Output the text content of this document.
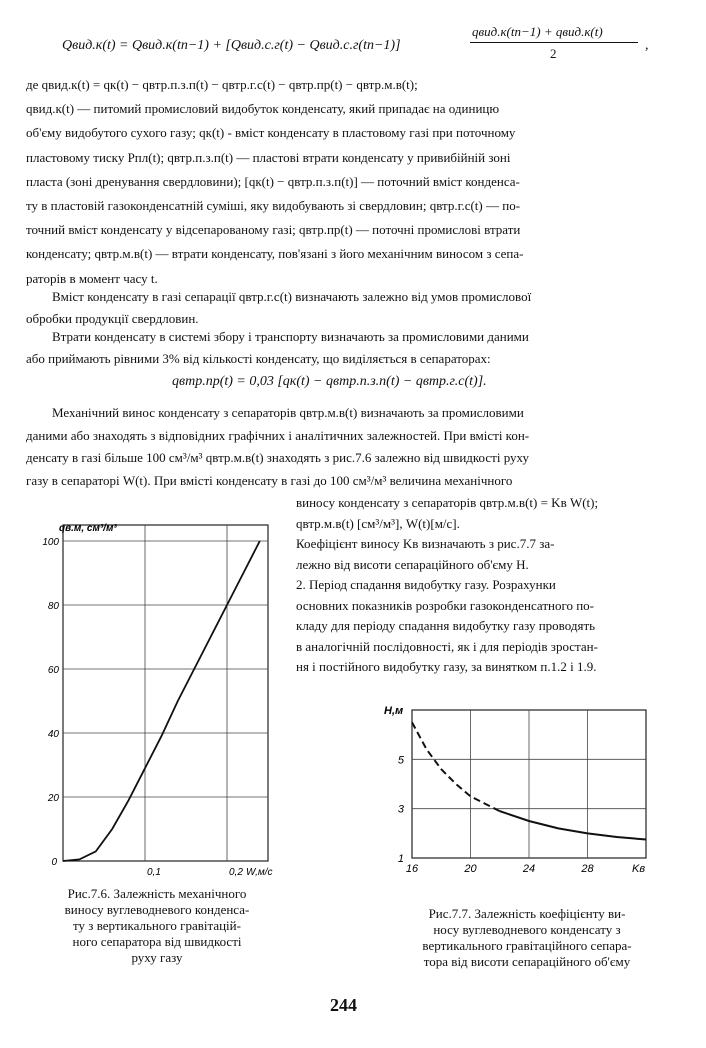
Qвид.к(t) = Qвид.к(tn−1) + [Qвид.с.г(t) − Qвид.с.г(tn−1)]
qвид.к(tn−1) + qвид.к(t)
2
,
де qвид.к(t) = qк(t) − qвтр.п.з.п(t) − qвтр.г.с(t) − qвтр.пр(t) − qвтр.м.в(t);
qвид.к(t) — питомий промисловий видобуток конденсату, який припадає на одиницю
об'єму видобутого сухого газу; qк(t) - вміст конденсату в пластовому газі при поточному
пластовому тиску Pпл(t); qвтр.п.з.п(t) — пластові втрати конденсату у привибійній зоні
пласта (зоні дренування свердловини); [qк(t) − qвтр.п.з.п(t)] — поточний вміст конденса-
ту в пластовій газоконденсатній суміші, яку видобувають зі свердловин; qвтр.г.с(t) — по-
точний вміст конденсату у відсепарованому газі; qвтр.пр(t) — поточні промислові втрати
конденсату; qвтр.м.в(t) — втрати конденсату, пов'язані з його механічним виносом з сепа-
раторів в момент часу t.
Вміст конденсату в газі сепарації qвтр.г.с(t) визначають залежно від умов промислової
обробки продукції свердловин.
Втрати конденсату в системі збору і транспорту визначають за промисловими даними
або приймають рівними 3% від кількості конденсату, що виділяється в сепараторах:
qвтр.пр(t) = 0,03 [qк(t) − qвтр.п.з.п(t) − qвтр.г.с(t)].
Механічний винос конденсату з сепараторів qвтр.м.в(t) визначають за промисловими
даними або знаходять з відповідних графічних і аналітичних залежностей. При вмісті кон-
денсату в газі більше 100 см³/м³ qвтр.м.в(t) знаходять з рис.7.6 залежно від швидкості руху
газу в сепараторі W(t). При вмісті конденсату в газі до 100 см³/м³ величина механічного
виносу конденсату з сепараторів qвтр.м.в(t) = Kв W(t);
qвтр.м.в(t) [см³/м³], W(t)[м/с].
Коефіцієнт виносу Kв визначають з рис.7.7 за-
лежно від висоти сепараційного об'єму H.
2. Період спадання видобутку газу. Розрахунки
основних показників розробки газоконденсатного по-
кладу для періоду спадання видобутку газу проводять
в аналогічній послідовності, як і для періодів зростан-
ня і постійного видобутку газу, за винятком п.1.2 і 1.9.
20
40
60
80
100
0
0,1	0,2 W,м/с
qв.м, см³/м³
Рис.7.6. Залежність механічного
виносу вуглеводневого конденса-
ту з вертикального гравітацій-
ного сепаратора від швидкості
руху газу
1
3
5
16	20	24	28	Kв
H,м
Рис.7.7. Залежність коефіцієнту ви-
носу вуглеводневого конденсату з
вертикального гравітаційного сепара-
тора від висоти сепараційного об'єму
244
